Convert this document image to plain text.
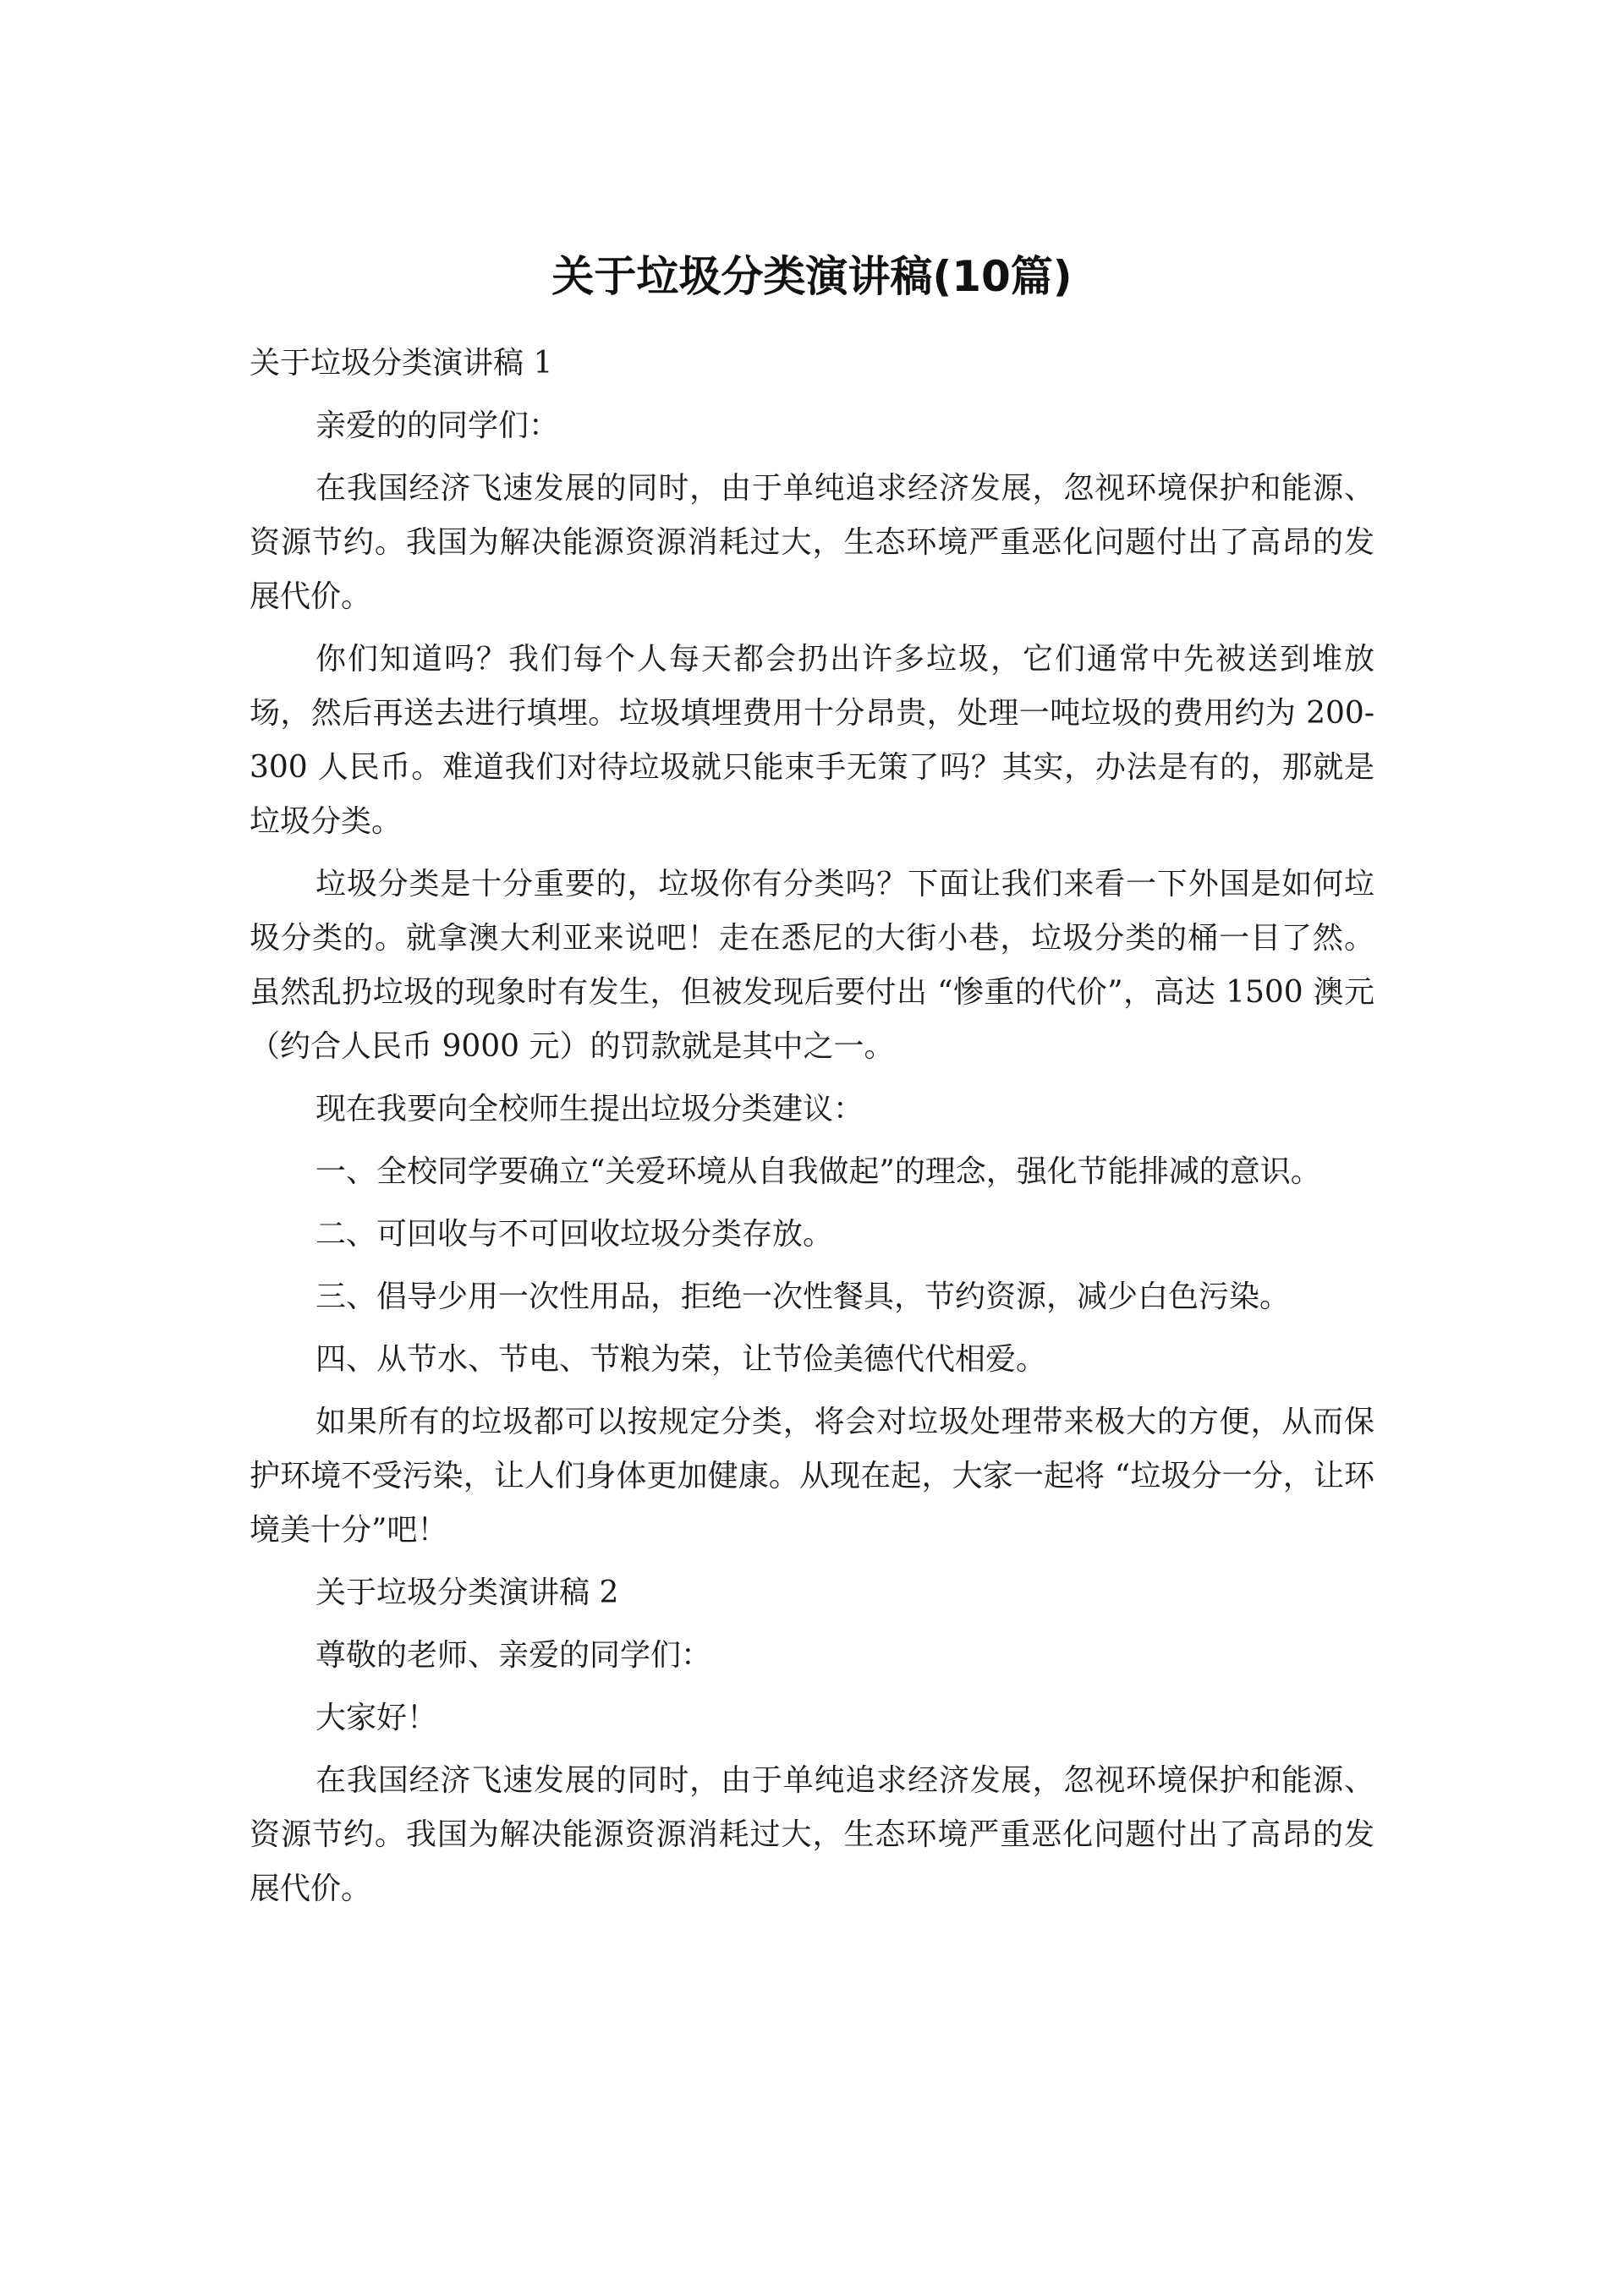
关于垃圾分类演讲稿(10篇)

关于垃圾分类演讲稿 1

亲爱的的同学们：

在我国经济飞速发展的同时，由于单纯追求经济发展，忽视环境保护和能源、资源节约。我国为解决能源资源消耗过大，生态环境严重恶化问题付出了高昂的发展代价。

你们知道吗？我们每个人每天都会扔出许多垃圾，它们通常中先被送到堆放场，然后再送去进行填埋。垃圾填埋费用十分昂贵，处理一吨垃圾的费用约为 200-300 人民币。难道我们对待垃圾就只能束手无策了吗？其实，办法是有的，那就是垃圾分类。

垃圾分类是十分重要的，垃圾你有分类吗？下面让我们来看一下外国是如何垃圾分类的。就拿澳大利亚来说吧！走在悉尼的大街小巷，垃圾分类的桶一目了然。虽然乱扔垃圾的现象时有发生，但被发现后要付出 “惨重的代价”，高达 1500 澳元（约合人民币 9000 元）的罚款就是其中之一。

现在我要向全校师生提出垃圾分类建议：

一、全校同学要确立“关爱环境从自我做起”的理念，强化节能排减的意识。

二、可回收与不可回收垃圾分类存放。

三、倡导少用一次性用品，拒绝一次性餐具，节约资源，减少白色污染。

四、从节水、节电、节粮为荣，让节俭美德代代相爱。

如果所有的垃圾都可以按规定分类，将会对垃圾处理带来极大的方便，从而保护环境不受污染，让人们身体更加健康。从现在起，大家一起将 “垃圾分一分，让环境美十分”吧！

关于垃圾分类演讲稿 2

尊敬的老师、亲爱的同学们：

大家好！

在我国经济飞速发展的同时，由于单纯追求经济发展，忽视环境保护和能源、资源节约。我国为解决能源资源消耗过大，生态环境严重恶化问题付出了高昂的发展代价。
